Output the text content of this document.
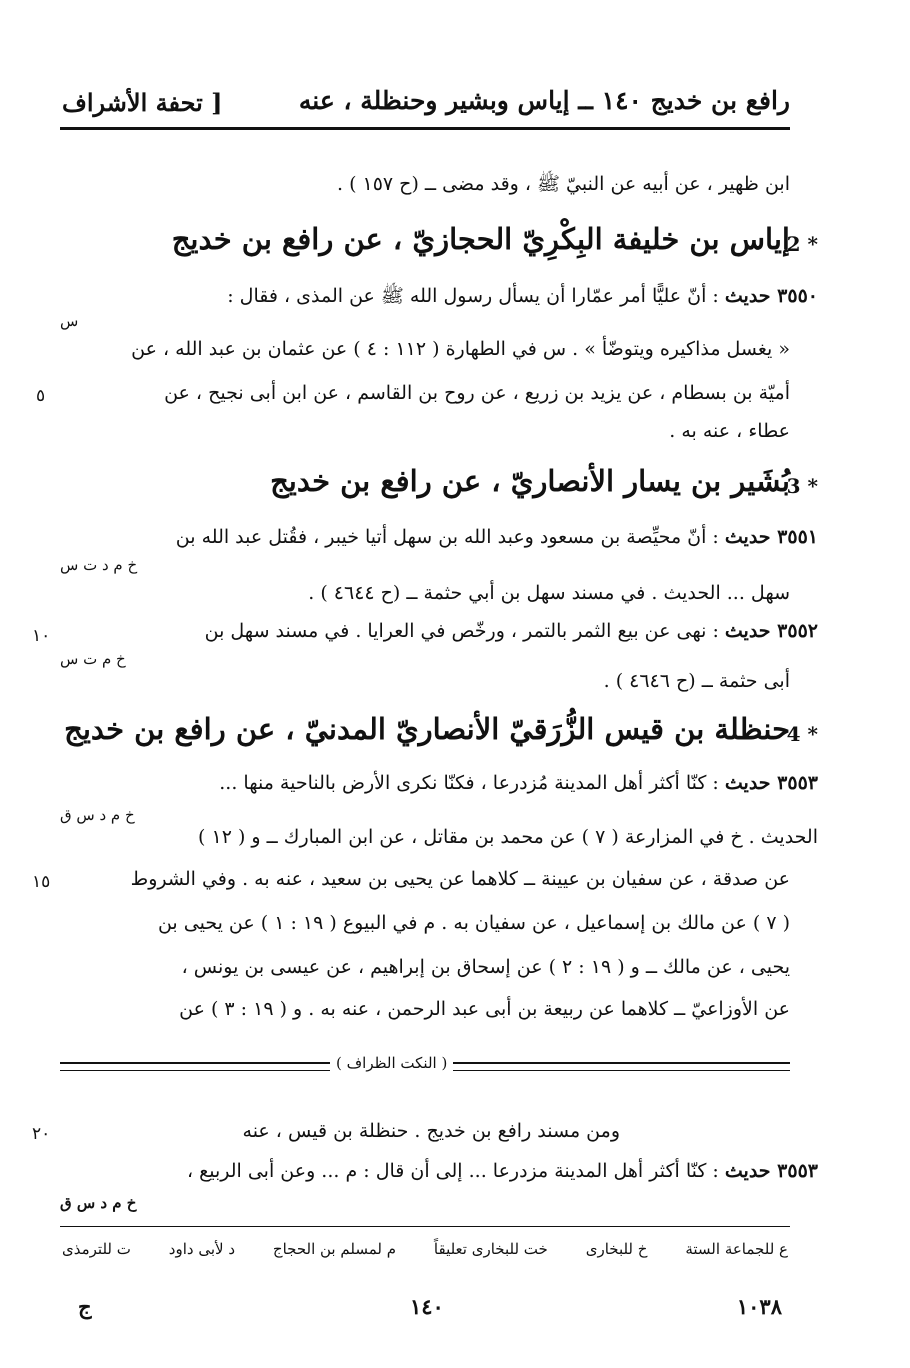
رافع بن خديج ١٤٠ ــ إياس وبشير وحنظلة ، عنه
[ تحفة الأشراف
ابن ظهير ، عن أبيه عن النبيّ ﷺ ، وقد مضى ــ (ح ١٥٧ ) .
2 *
إياس بن خليفة البِكْرِيّ الحجازيّ ، عن رافع بن خديج
٣٥٥٠ حديث : أنّ عليًّا أمر عمّارا أن يسأل رسول الله ﷺ عن المذى ، فقال :
س
« يغسل مذاكيره ويتوضّأ » . س في الطهارة ( ١١٢ : ٤ ) عن عثمان بن عبد الله ، عن
أميّة بن بسطام ، عن يزيد بن زريع ، عن روح بن القاسم ، عن ابن أبى نجيح ، عن
٥
عطاء ، عنه به .
3 *
بُشَير بن يسار الأنصاريّ ، عن رافع بن خديج
٣٥٥١ حديث : أنّ محيِّصة بن مسعود وعبد الله بن سهل أتيا خيبر ، فقُتل عبد الله بن
خ م د ت س
سهل ... الحديث . في مسند سهل بن أبي حثمة ــ (ح ٤٦٤٤ ) .
٣٥٥٢ حديث : نهى عن بيع الثمر بالتمر ، ورخّص في العرايا . في مسند سهل بن
١٠
خ م ت س
أبى حثمة ــ (ح ٤٦٤٦ ) .
4 *
حنظلة بن قيس الزُّرَقيّ الأنصاريّ المدنيّ ، عن رافع بن خديج
٣٥٥٣ حديث : كنّا أكثر أهل المدينة مُزدرعا ، فكنّا نكرى الأرض بالناحية منها ...
خ م د س ق
الحديث . خ في المزارعة ( ٧ ) عن محمد بن مقاتل ، عن ابن المبارك ــ و ( ١٢ )
عن صدقة ، عن سفيان بن عيينة ــ كلاهما عن يحيى بن سعيد ، عنه به . وفي الشروط
١٥
( ٧ ) عن مالك بن إسماعيل ، عن سفيان به . م في البيوع ( ١٩ : ١ ) عن يحيى بن
يحيى ، عن مالك ــ و ( ١٩ : ٢ ) عن إسحاق بن إبراهيم ، عن عيسى بن يونس ،
عن الأوزاعيّ ــ كلاهما عن ربيعة بن أبى عبد الرحمن ، عنه به . و ( ١٩ : ٣ ) عن
( النكت الظراف )
ومن مسند رافع بن خديج . حنظلة بن قيس ، عنه
٢٠
٣٥٥٣ حديث : كنّا أكثر أهل المدينة مزدرعا ... إلى أن قال : م ... وعن أبى الربيع ،
خ م د س ق
ع للجماعة الستة
خ للبخارى
خت للبخارى تعليقاً
م لمسلم بن الحجاج
د لأبى داود
ت للترمذى
١٠٣٨
١٤٠
ج
